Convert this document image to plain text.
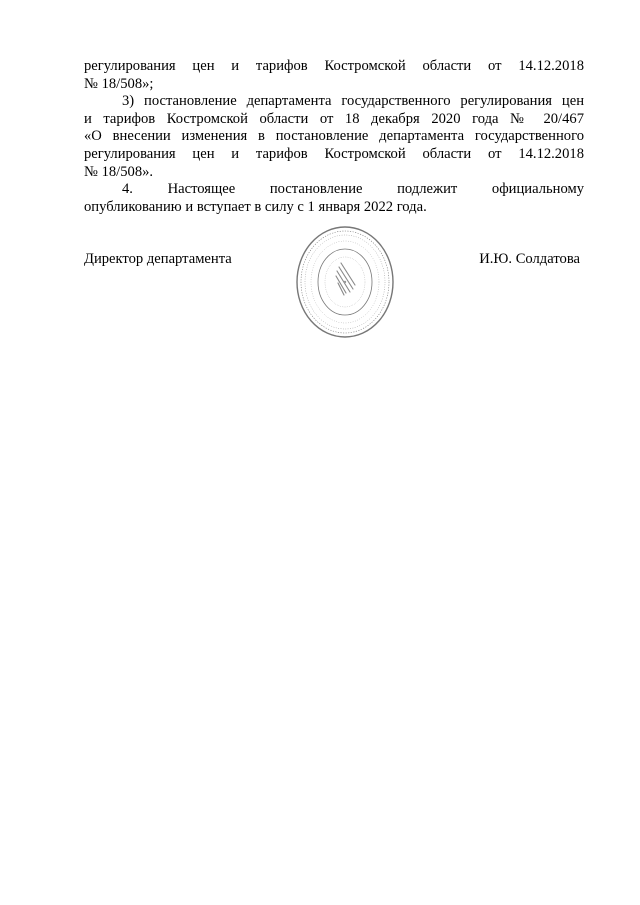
регулирования цен и тарифов Костромской области от 14.12.2018
№ 18/508»;

3) постановление департамента государственного регулирования цен
и тарифов Костромской области от 18 декабря 2020 года № 20/467
«О внесении изменения в постановление департамента государственного
регулирования цен и тарифов Костромской области от 14.12.2018
№ 18/508».

4. Настоящее постановление подлежит официальному
опубликованию и вступает в силу с 1 января 2022 года.

Директор департамента	И.Ю. Солдатова
